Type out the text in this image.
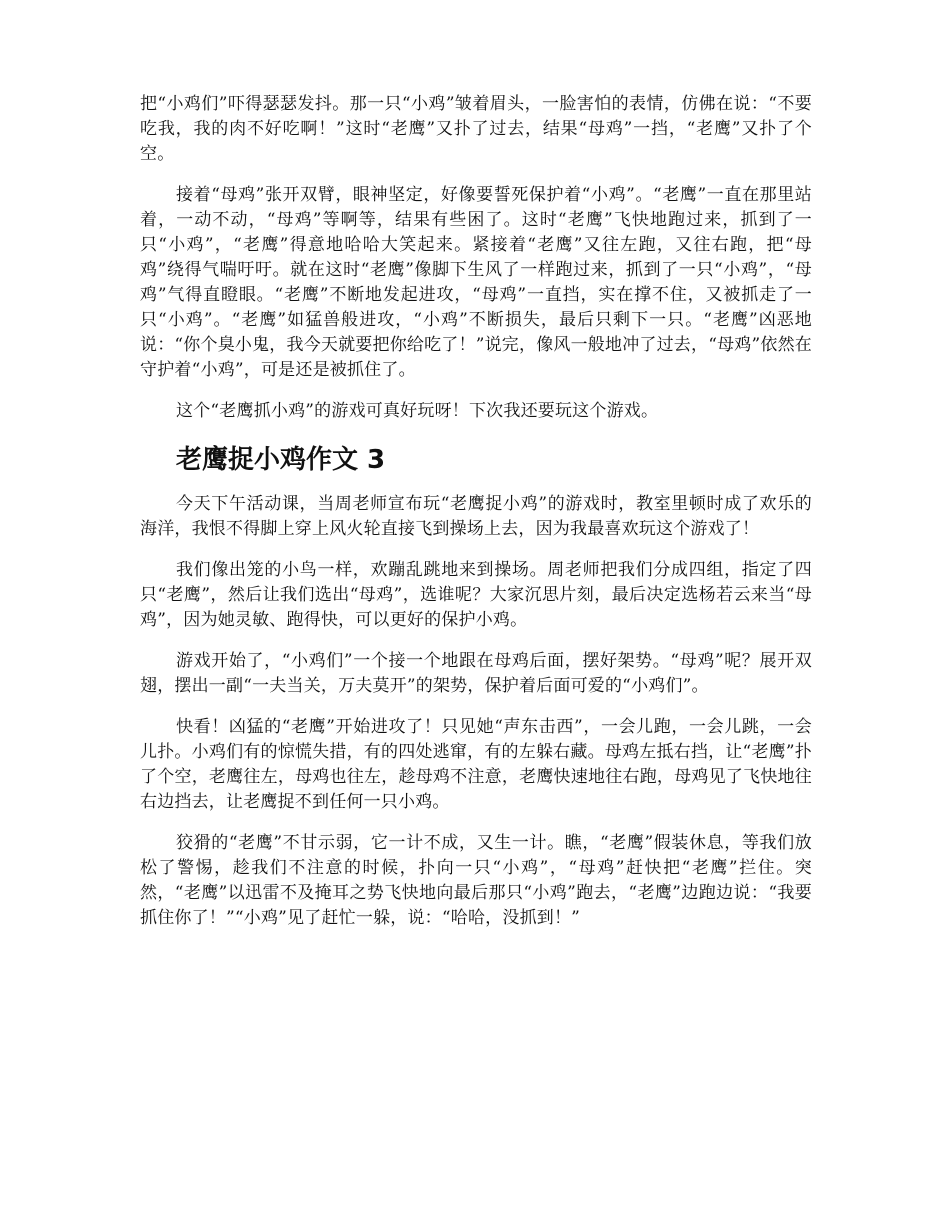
把“小鸡们”吓得瑟瑟发抖。那一只“小鸡”皱着眉头，一脸害怕的表情，仿佛在说：“不要吃我，我的肉不好吃啊！”这时“老鹰”又扑了过去，结果“母鸡”一挡，“老鹰”又扑了个空。

接着“母鸡”张开双臂，眼神坚定，好像要誓死保护着“小鸡”。“老鹰”一直在那里站着，一动不动，“母鸡”等啊等，结果有些困了。这时“老鹰”飞快地跑过来，抓到了一只“小鸡”，“老鹰”得意地哈哈大笑起来。紧接着“老鹰”又往左跑，又往右跑，把“母鸡”绕得气喘吁吁。就在这时“老鹰”像脚下生风了一样跑过来，抓到了一只“小鸡”，“母鸡”气得直瞪眼。“老鹰”不断地发起进攻，“母鸡”一直挡，实在撑不住，又被抓走了一只“小鸡”。“老鹰”如猛兽般进攻，“小鸡”不断损失，最后只剩下一只。“老鹰”凶恶地说：“你个臭小鬼，我今天就要把你给吃了！”说完，像风一般地冲了过去，“母鸡”依然在守护着“小鸡”，可是还是被抓住了。

这个“老鹰抓小鸡”的游戏可真好玩呀！下次我还要玩这个游戏。

老鹰捉小鸡作文 3

今天下午活动课，当周老师宣布玩“老鹰捉小鸡”的游戏时，教室里顿时成了欢乐的海洋，我恨不得脚上穿上风火轮直接飞到操场上去，因为我最喜欢玩这个游戏了！

我们像出笼的小鸟一样，欢蹦乱跳地来到操场。周老师把我们分成四组，指定了四只“老鹰”，然后让我们选出“母鸡”，选谁呢？大家沉思片刻，最后决定选杨若云来当“母鸡”，因为她灵敏、跑得快，可以更好的保护小鸡。

游戏开始了，“小鸡们”一个接一个地跟在母鸡后面，摆好架势。“母鸡”呢？展开双翅，摆出一副“一夫当关，万夫莫开”的架势，保护着后面可爱的“小鸡们”。

快看！凶猛的“老鹰”开始进攻了！只见她“声东击西”，一会儿跑，一会儿跳，一会儿扑。小鸡们有的惊慌失措，有的四处逃窜，有的左躲右藏。母鸡左抵右挡，让“老鹰”扑了个空，老鹰往左，母鸡也往左，趁母鸡不注意，老鹰快速地往右跑，母鸡见了飞快地往右边挡去，让老鹰捉不到任何一只小鸡。

狡猾的“老鹰”不甘示弱，它一计不成，又生一计。瞧，“老鹰”假装休息，等我们放松了警惕，趁我们不注意的时候，扑向一只“小鸡”，“母鸡”赶快把“老鹰”拦住。突然，“老鹰”以迅雷不及掩耳之势飞快地向最后那只“小鸡”跑去，“老鹰”边跑边说：“我要抓住你了！”“小鸡”见了赶忙一躲，说：“哈哈，没抓到！”
